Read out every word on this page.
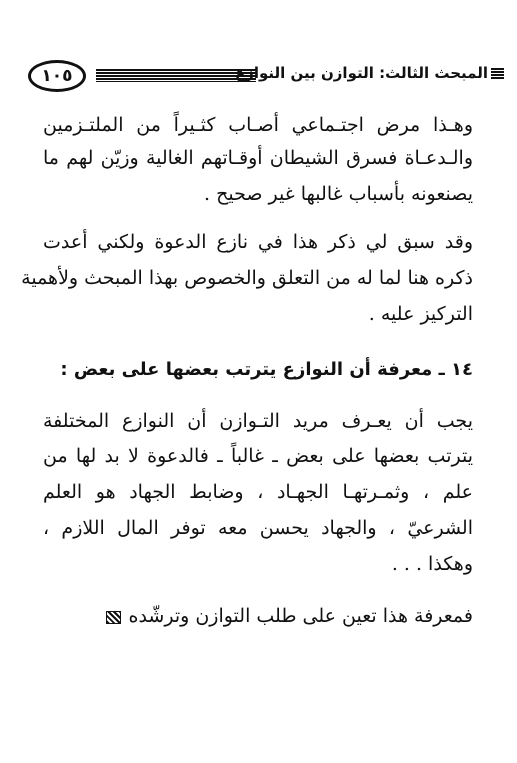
١٠٥	المبحث الثالث: التوازن بين النوازع
وهـذا مرض اجتـماعي أصـاب كثـيراً من الملتـزمين
والـدعـاة فسرق الشيطان أوقـاتهم الغالية وزيّن لهم ما
يصنعونه بأسباب غالبها غير صحيح .
وقد سبق لي ذكر هذا في نازع الدعوة ولكني أعدت
ذكره هنا لما له من التعلق والخصوص بهذا المبحث ولأهمية
التركيز عليه .
١٤ ـ معرفة أن النوازع يترتب بعضها على بعض :
يجب أن يعـرف مريد التـوازن أن النوازع المختلفة
يترتب بعضها على بعض ـ غالباً ـ فالدعوة لا بد لها من
علم ، وثمـرتهـا الجهـاد ، وضابط الجهاد هو العلم
الشرعيّ ، والجهاد يحسن معه توفر المال اللازم ،
وهكذا . . .
فمعرفة هذا تعين على طلب التوازن وترشّده
